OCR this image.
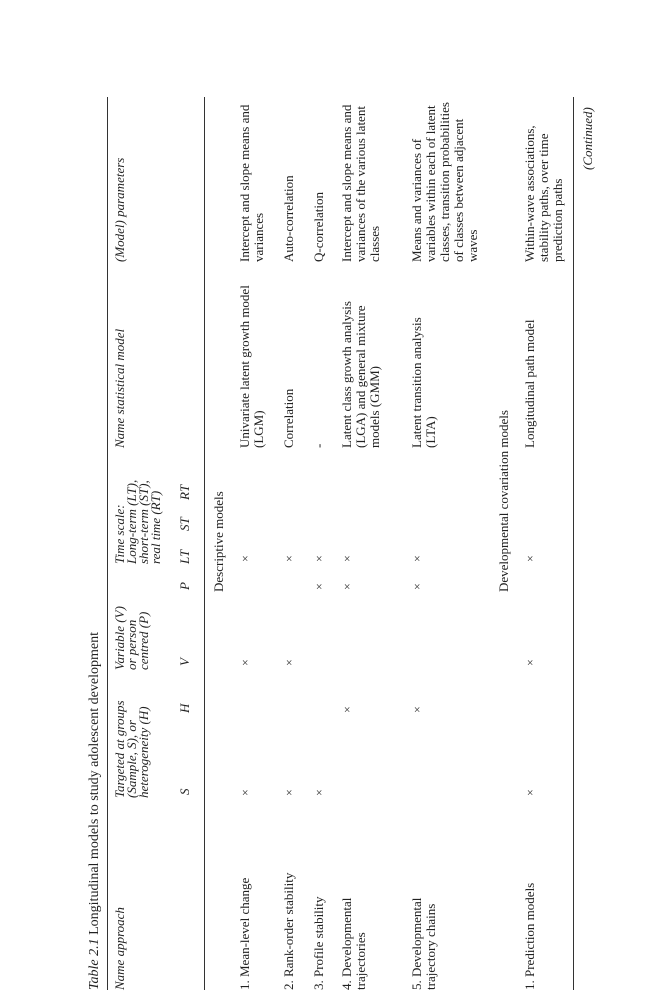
Table 2.1 Longitudinal models to study adolescent development
Name approach
Targeted at groups
(Sample, S), or
heterogeneity (H)
Variable (V)
or person
centred (P)
Time scale:
Long-term (LT),
short-term (ST),
real time (RT)
Name statistical model
(Model) parameters
S
H
V
P
LT
ST
RT Descriptive models
1. Mean-level change
×
×
×
Univariate latent growth model (LGM)
Intercept and slope means and variances
2. Rank-order stability
×
×
×
Correlation
Auto-correlation
3. Profile stability
×
×
×
-
Q-correlation
4. Developmental trajectories
×
×
×
Latent class growth analysis (LGA) and general mixture models (GMM)
Intercept and slope means and variances of the various latent classes
5. Developmental trajectory chains
×
×
×
Latent transition analysis (LTA)
Means and variances of variables within each of latent classes, transition probabilities of classes between adjacent waves
Developmental covariation models
1. Prediction models
×
×
×
Longitudinal path model
Within-wave associations, stability paths, over time prediction paths
(Continued)
